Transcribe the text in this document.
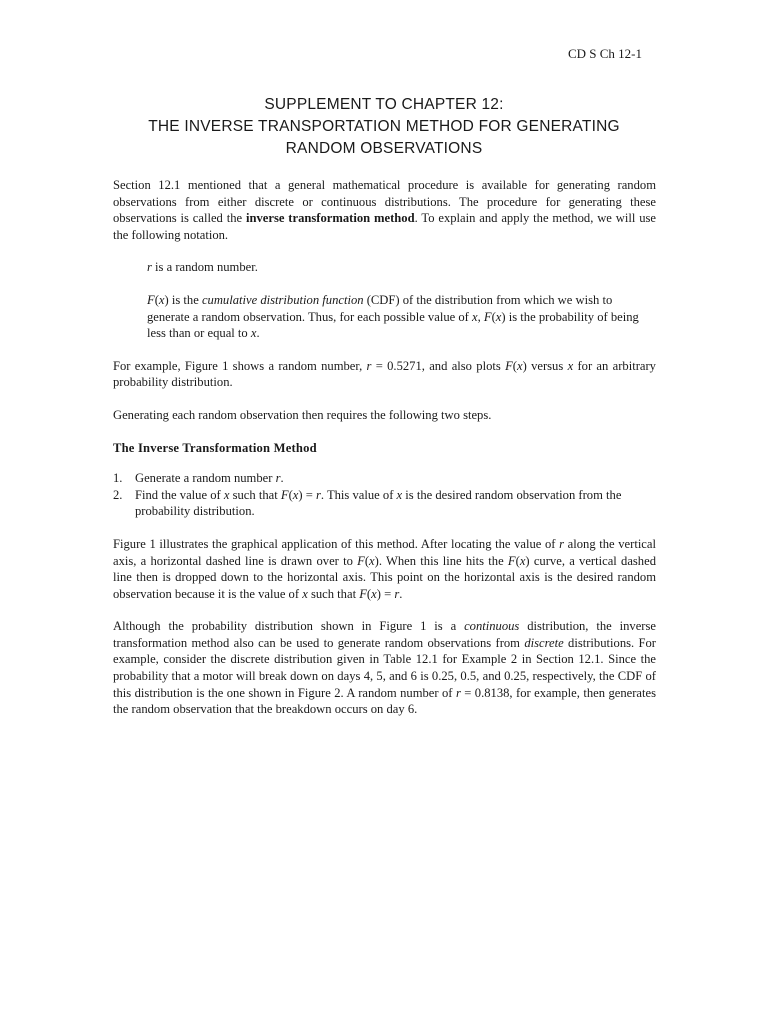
CD S Ch 12-1
SUPPLEMENT TO CHAPTER 12:
THE INVERSE TRANSPORTATION METHOD FOR GENERATING
RANDOM OBSERVATIONS

Section 12.1 mentioned that a general mathematical procedure is available for generating random observations from either discrete or continuous distributions. The procedure for generating these observations is called the inverse transformation method. To explain and apply the method, we will use the following notation.

r is a random number.

F(x) is the cumulative distribution function (CDF) of the distribution from which we wish to generate a random observation. Thus, for each possible value of x, F(x) is the probability of being less than or equal to x.

For example, Figure 1 shows a random number, r = 0.5271, and also plots F(x) versus x for an arbitrary probability distribution.

Generating each random observation then requires the following two steps.

The Inverse Transformation Method

1. Generate a random number r.
2. Find the value of x such that F(x) = r. This value of x is the desired random observation from the probability distribution.

Figure 1 illustrates the graphical application of this method. After locating the value of r along the vertical axis, a horizontal dashed line is drawn over to F(x). When this line hits the F(x) curve, a vertical dashed line then is dropped down to the horizontal axis. This point on the horizontal axis is the desired random observation because it is the value of x such that F(x) = r.

Although the probability distribution shown in Figure 1 is a continuous distribution, the inverse transformation method also can be used to generate random observations from discrete distributions. For example, consider the discrete distribution given in Table 12.1 for Example 2 in Section 12.1. Since the probability that a motor will break down on days 4, 5, and 6 is 0.25, 0.5, and 0.25, respectively, the CDF of this distribution is the one shown in Figure 2. A random number of r = 0.8138, for example, then generates the random observation that the breakdown occurs on day 6.
